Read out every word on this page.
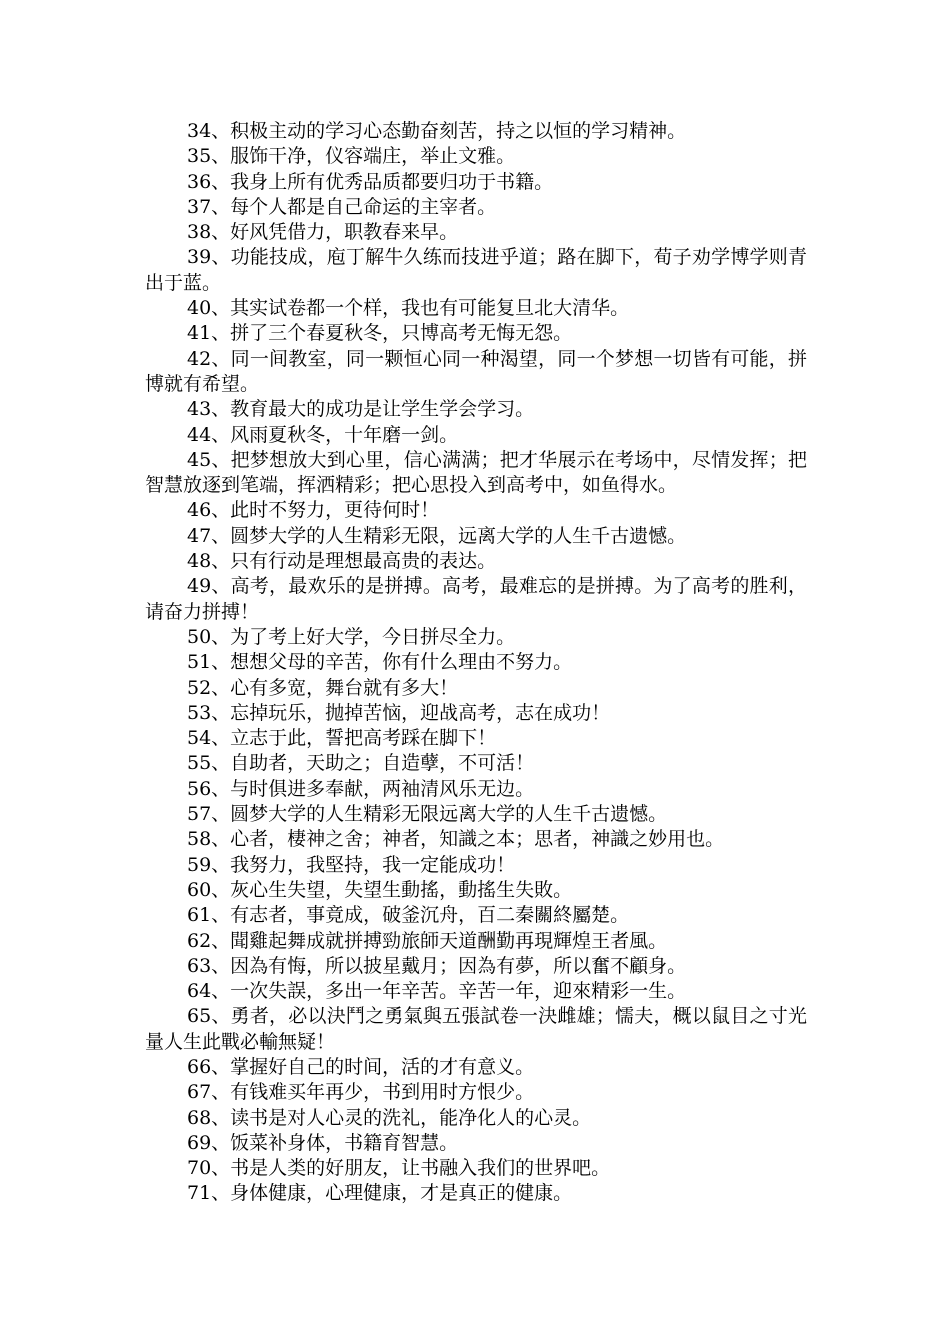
34、积极主动的学习心态勤奋刻苦，持之以恒的学习精神。

35、服饰干净，仪容端庄，举止文雅。

36、我身上所有优秀品质都要归功于书籍。

37、每个人都是自己命运的主宰者。

38、好风凭借力，职教春来早。

39、功能技成，庖丁解牛久练而技进乎道；路在脚下，荀子劝学博学则青出于蓝。

40、其实试卷都一个样，我也有可能复旦北大清华。

41、拼了三个春夏秋冬，只博高考无悔无怨。

42、同一间教室，同一颗恒心同一种渴望，同一个梦想一切皆有可能，拼博就有希望。

43、教育最大的成功是让学生学会学习。

44、风雨夏秋冬，十年磨一剑。

45、把梦想放大到心里，信心满满；把才华展示在考场中，尽情发挥；把智慧放逐到笔端，挥洒精彩；把心思投入到高考中，如鱼得水。

46、此时不努力，更待何时！

47、圆梦大学的人生精彩无限，远离大学的人生千古遗憾。

48、只有行动是理想最高贵的表达。

49、高考，最欢乐的是拼搏。高考，最难忘的是拼搏。为了高考的胜利，请奋力拼搏！

50、为了考上好大学，今日拼尽全力。

51、想想父母的辛苦，你有什么理由不努力。

52、心有多宽，舞台就有多大！

53、忘掉玩乐，抛掉苦恼，迎战高考，志在成功！

54、立志于此，誓把高考踩在脚下！

55、自助者，天助之；自造孽，不可活！

56、与时俱进多奉献，两袖清风乐无边。

57、圆梦大学的人生精彩无限远离大学的人生千古遗憾。

58、心者，棲神之舍；神者，知識之本；思者，神識之妙用也。

59、我努力，我堅持，我一定能成功！

60、灰心生失望，失望生動搖，動搖生失敗。

61、有志者，事竟成，破釜沉舟，百二秦關終屬楚。

62、聞雞起舞成就拼搏勁旅師天道酬勤再現輝煌王者風。

63、因為有悔，所以披星戴月；因為有夢，所以奮不顧身。

64、一次失誤，多出一年辛苦。辛苦一年，迎來精彩一生。

65、勇者，必以決鬥之勇氣與五張試卷一決雌雄；懦夫，概以鼠目之寸光量人生此戰必輸無疑！

66、掌握好自己的时间，活的才有意义。

67、有钱难买年再少，书到用时方恨少。

68、读书是对人心灵的洗礼，能净化人的心灵。

69、饭菜补身体，书籍育智慧。

70、书是人类的好朋友，让书融入我们的世界吧。

71、身体健康，心理健康，才是真正的健康。
